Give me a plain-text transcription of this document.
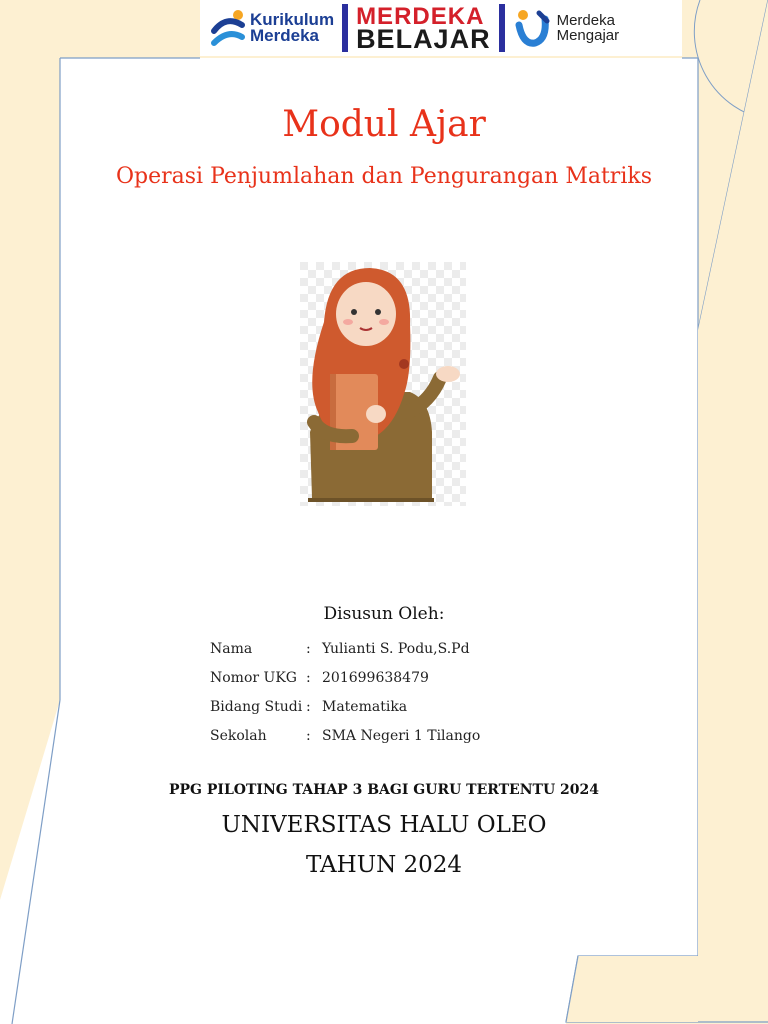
Kurikulum
Merdeka
MERDEKA
BELAJAR
Merdeka
Mengajar
Modul Ajar
Operasi Penjumlahan dan Pengurangan Matriks
Disusun Oleh:
Nama	: Yulianti S. Podu,S.Pd
Nomor UKG : 201699638479
Bidang Studi : Matematika
Sekolah	: SMA Negeri 1 Tilango
PPG PILOTING TAHAP 3 BAGI GURU TERTENTU 2024
UNIVERSITAS HALU OLEO
TAHUN 2024
